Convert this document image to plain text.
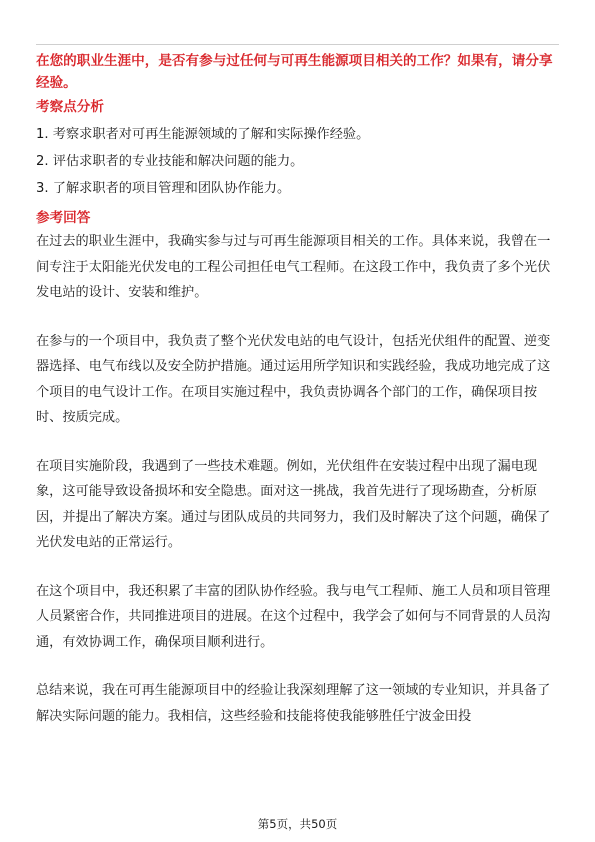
在您的职业生涯中，是否有参与过任何与可再生能源项目相关的工作？如果有，请分享经验。

考察点分析

1. 考察求职者对可再生能源领域的了解和实际操作经验。

2. 评估求职者的专业技能和解决问题的能力。

3. 了解求职者的项目管理和团队协作能力。

参考回答

在过去的职业生涯中，我确实参与过与可再生能源项目相关的工作。具体来说，我曾在一间专注于太阳能光伏发电的工程公司担任电气工程师。在这段工作中，我负责了多个光伏发电站的设计、安装和维护。

在参与的一个项目中，我负责了整个光伏发电站的电气设计，包括光伏组件的配置、逆变器选择、电气布线以及安全防护措施。通过运用所学知识和实践经验，我成功地完成了这个项目的电气设计工作。在项目实施过程中，我负责协调各个部门的工作，确保项目按时、按质完成。

在项目实施阶段，我遇到了一些技术难题。例如，光伏组件在安装过程中出现了漏电现象，这可能导致设备损坏和安全隐患。面对这一挑战，我首先进行了现场勘查，分析原因，并提出了解决方案。通过与团队成员的共同努力，我们及时解决了这个问题，确保了光伏发电站的正常运行。

在这个项目中，我还积累了丰富的团队协作经验。我与电气工程师、施工人员和项目管理人员紧密合作，共同推进项目的进展。在这个过程中，我学会了如何与不同背景的人员沟通，有效协调工作，确保项目顺利进行。

总结来说，我在可再生能源项目中的经验让我深刻理解了这一领域的专业知识，并具备了解决实际问题的能力。我相信，这些经验和技能将使我能够胜任宁波金田投

第5页，共50页
